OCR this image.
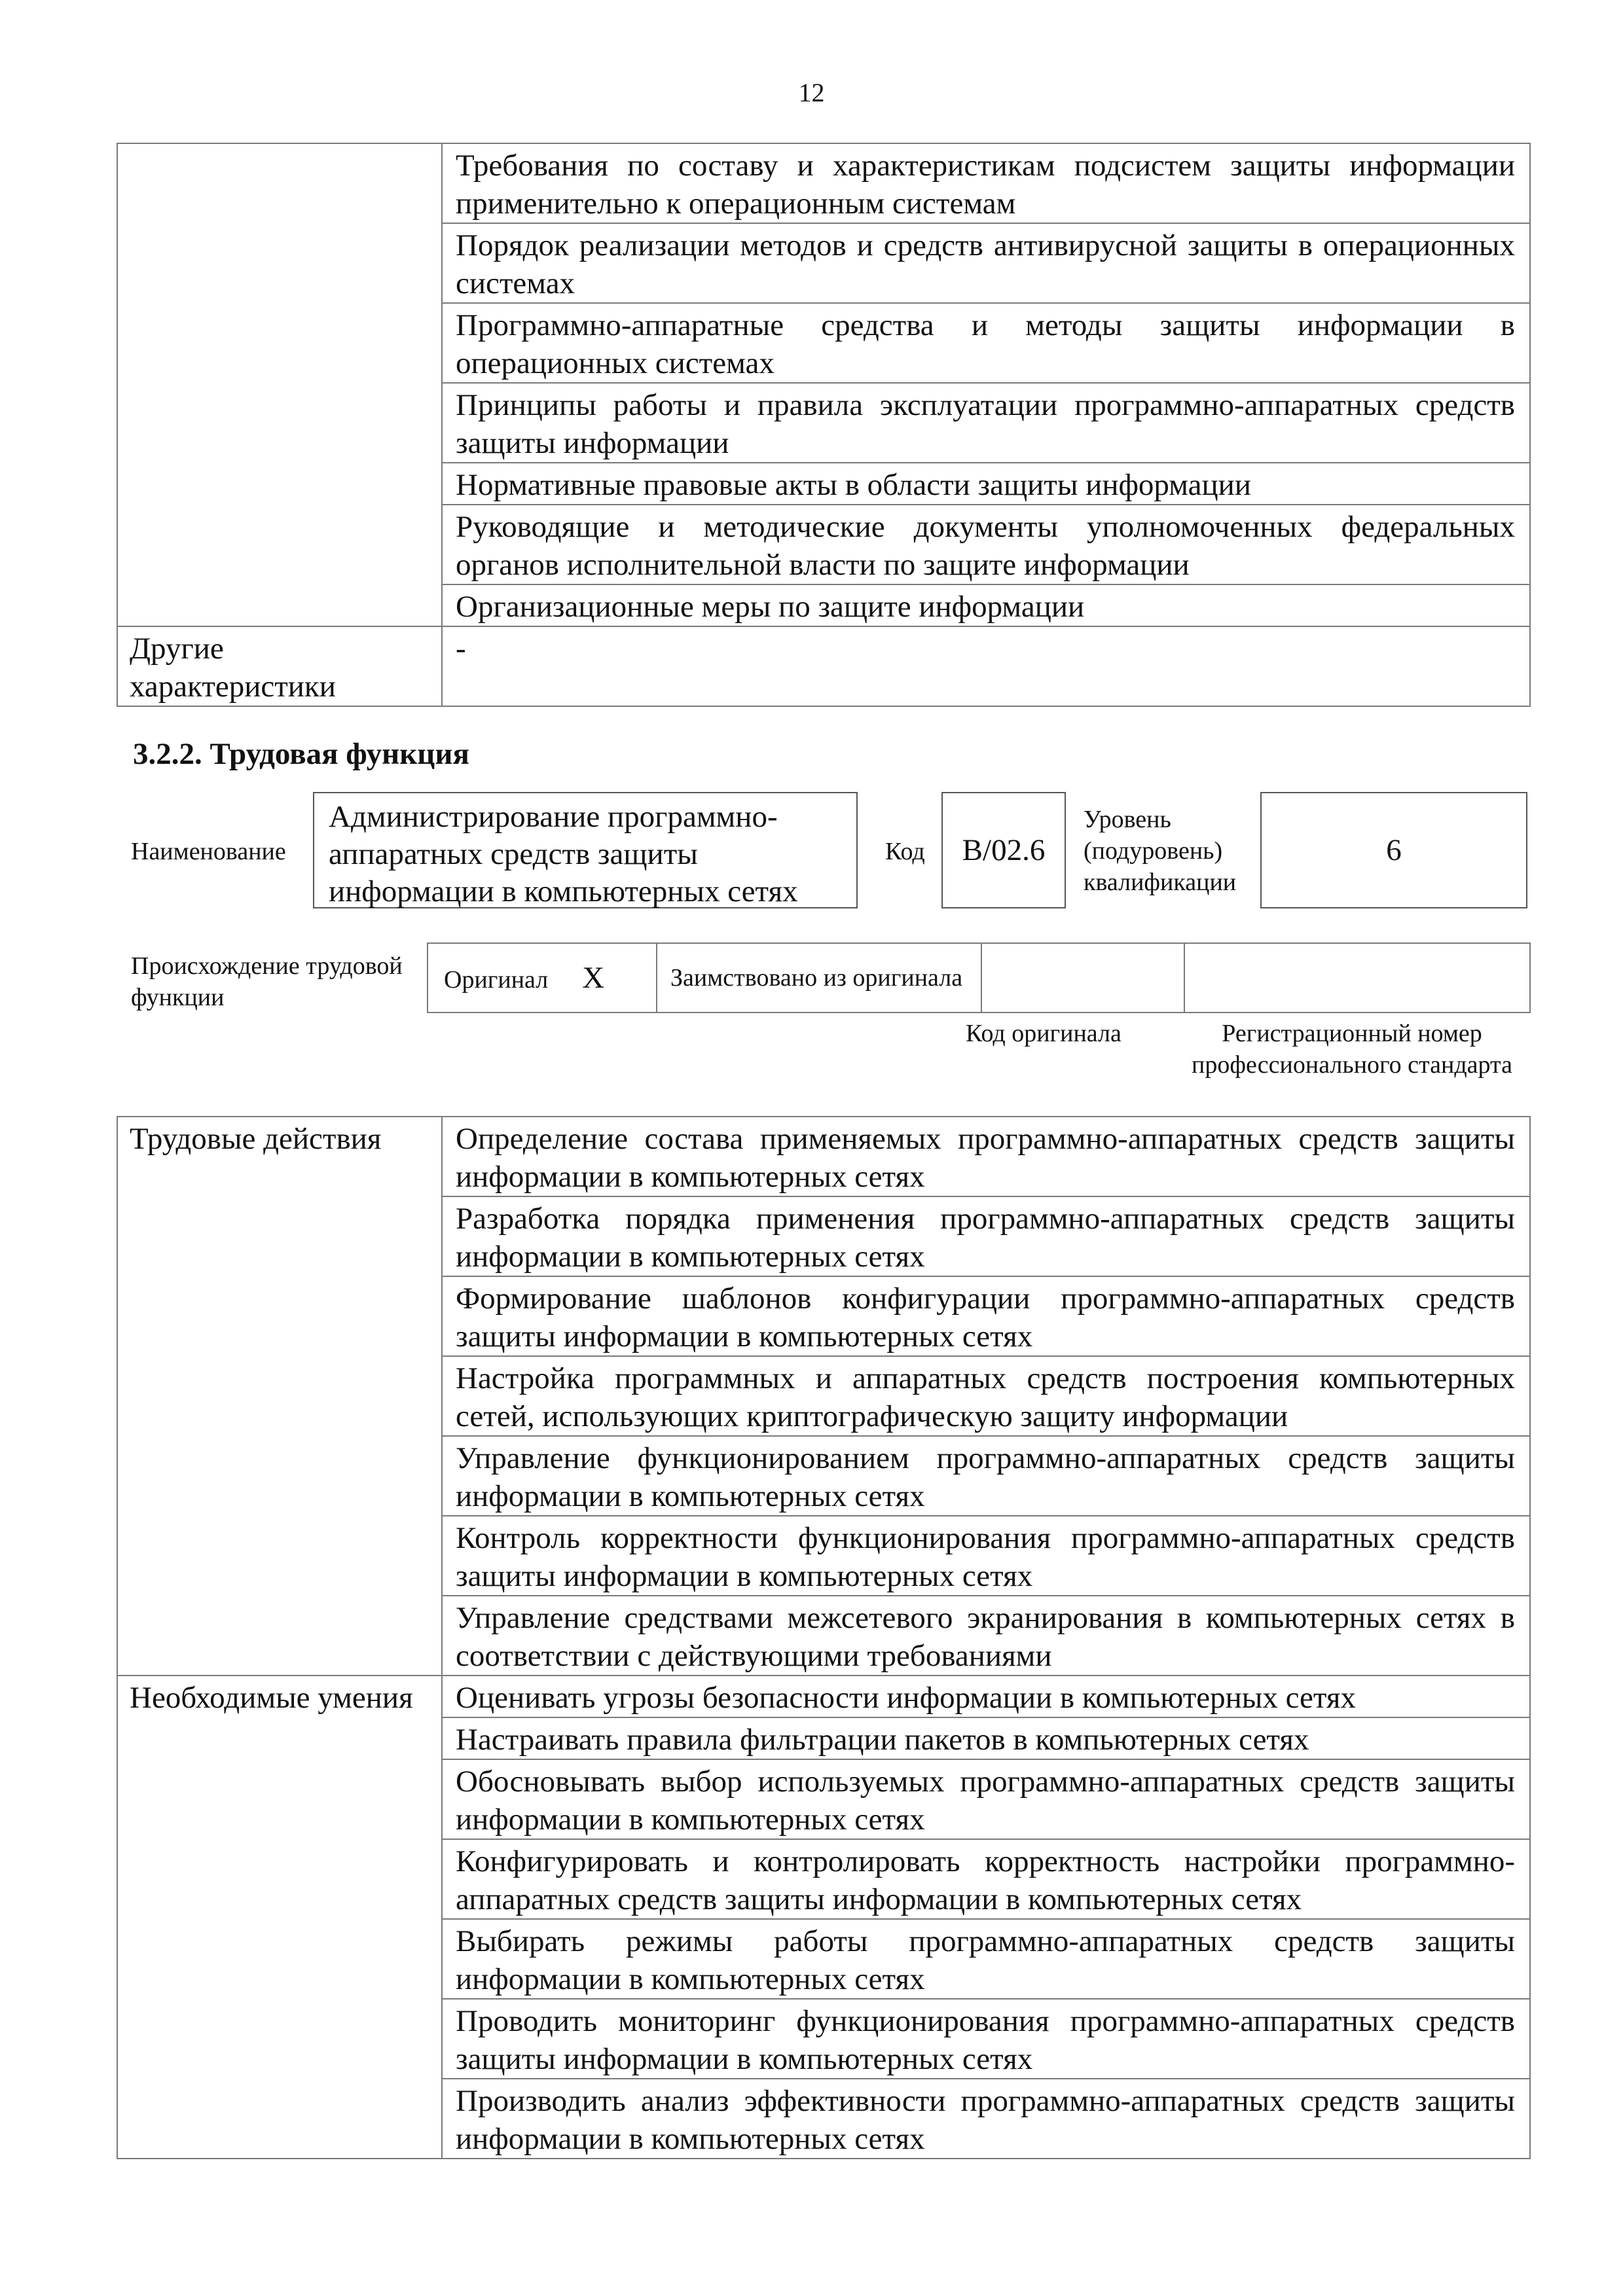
12
	Требования по составу и характеристикам подсистем защиты информации применительно к операционным системам
	Порядок реализации методов и средств антивирусной защиты в операционных системах
	Программно-аппаратные средства и методы защиты информации в операционных системах
	Принципы работы и правила эксплуатации программно-аппаратных средств защиты информации
	Нормативные правовые акты в области защиты информации
	Руководящие и методические документы уполномоченных федеральных органов исполнительной власти по защите информации
	Организационные меры по защите информации
Другие характеристики	-
3.2.2. Трудовая функция
Наименование
Администрирование программно-аппаратных средств защиты информации в компьютерных сетях
Код	B/02.6
Уровень (подуровень) квалификации
6
Происхождение трудовой функции
Оригинал X	Заимствовано из оригинала		
Код оригинала	Регистрационный номер профессионального стандарта
Трудовые действия	Определение состава применяемых программно-аппаратных средств защиты информации в компьютерных сетях
	Разработка порядка применения программно-аппаратных средств защиты информации в компьютерных сетях
	Формирование шаблонов конфигурации программно-аппаратных средств защиты информации в компьютерных сетях
	Настройка программных и аппаратных средств построения компьютерных сетей, использующих криптографическую защиту информации
	Управление функционированием программно-аппаратных средств защиты информации в компьютерных сетях
	Контроль корректности функционирования программно-аппаратных средств защиты информации в компьютерных сетях
	Управление средствами межсетевого экранирования в компьютерных сетях в соответствии с действующими требованиями
Необходимые умения	Оценивать угрозы безопасности информации в компьютерных сетях
	Настраивать правила фильтрации пакетов в компьютерных сетях
	Обосновывать выбор используемых программно-аппаратных средств защиты информации в компьютерных сетях
	Конфигурировать и контролировать корректность настройки программно-аппаратных средств защиты информации в компьютерных сетях
	Выбирать режимы работы программно-аппаратных средств защиты информации в компьютерных сетях
	Проводить мониторинг функционирования программно-аппаратных средств защиты информации в компьютерных сетях
	Производить анализ эффективности программно-аппаратных средств защиты информации в компьютерных сетях
